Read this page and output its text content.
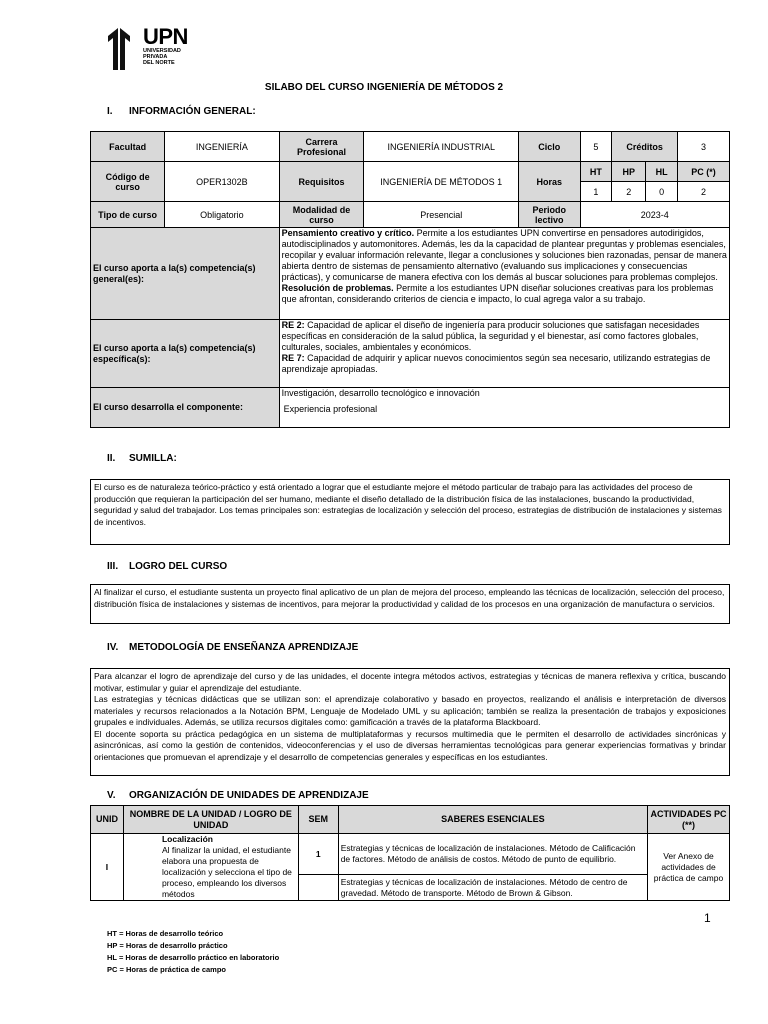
UPN
UNIVERSIDAD
PRIVADA
DEL NORTE
SILABO DEL CURSO INGENIERÍA DE MÉTODOS 2
I. INFORMACIÓN GENERAL:
Facultad	INGENIERÍA	Carrera Profesional	INGENIERÍA INDUSTRIAL	Ciclo	5	Créditos		3
Código de curso	OPER1302B	Requisitos	INGENIERÍA DE MÉTODOS 1	Horas	HT	HP	HL	PC (*)
					1	2	0	2
Tipo de curso	Obligatorio	Modalidad de curso	Presencial	Periodo lectivo	2023-4			
El curso aporta a la(s) competencia(s) general(es):		Pensamiento creativo y crítico. Permite a los estudiantes UPN convertirse en pensadores autodirigidos, autodisciplinados y automonitores. Además, les da la capacidad de plantear preguntas y problemas esenciales, recopilar y evaluar información relevante, llegar a conclusiones y soluciones bien razonadas, pensar de manera abierta dentro de sistemas de pensamiento alternativo (evaluando sus implicaciones y consecuencias prácticas), y comunicarse de manera efectiva con los demás al buscar soluciones para problemas complejos.
Resolución de problemas. Permite a los estudiantes UPN diseñar soluciones creativas para los problemas que afrontan, considerando criterios de ciencia e impacto, lo cual agrega valor a su trabajo.						
El curso aporta a la(s) competencia(s) específica(s):		RE 2: Capacidad de aplicar el diseño de ingeniería para producir soluciones que satisfagan necesidades específicas en consideración de la salud pública, la seguridad y el bienestar, así como factores globales, culturales, sociales, ambientales y económicos.
RE 7: Capacidad de adquirir y aplicar nuevos conocimientos según sea necesario, utilizando estrategias de aprendizaje apropiadas.						
El curso desarrolla el componente:		Investigación, desarrollo tecnológico e innovación
Experiencia profesional						
II. SUMILLA:
El curso es de naturaleza teórico-práctico y está orientado a lograr que el estudiante mejore el método particular de trabajo para las actividades del proceso de producción que requieran la participación del ser humano, mediante el diseño detallado de la distribución física de las instalaciones, buscando la productividad, seguridad y salud del trabajador. Los temas principales son: estrategias de localización y selección del proceso, estrategias de distribución de instalaciones y sistemas de incentivos.
III. LOGRO DEL CURSO
Al finalizar el curso, el estudiante sustenta un proyecto final aplicativo de un plan de mejora del proceso, empleando las técnicas de localización, selección del proceso, distribución física de instalaciones y sistemas de incentivos, para mejorar la productividad y calidad de los procesos en una organización de manufactura o servicios.
IV. METODOLOGÍA DE ENSEÑANZA APRENDIZAJE
Para alcanzar el logro de aprendizaje del curso y de las unidades, el docente integra métodos activos, estrategias y técnicas de manera reflexiva y crítica, buscando motivar, estimular y guiar el aprendizaje del estudiante.
Las estrategias y técnicas didácticas que se utilizan son: el aprendizaje colaborativo y basado en proyectos, realizando el análisis e interpretación de diversos materiales y recursos relacionados a la Notación BPM, Lenguaje de Modelado UML y su aplicación; también se realiza la presentación de trabajos y exposiciones grupales e individuales. Además, se utiliza recursos digitales como: gamificación a través de la plataforma Blackboard.
El docente soporta su práctica pedagógica en un sistema de multiplataformas y recursos multimedia que le permiten el desarrollo de actividades sincrónicas y asincrónicas, así como la gestión de contenidos, videoconferencias y el uso de diversas herramientas tecnológicas para generar experiencias formativas y brindar orientaciones que promuevan el aprendizaje y el desarrollo de competencias generales y específicas en los estudiantes.
V. ORGANIZACIÓN DE UNIDADES DE APRENDIZAJE
UNID	NOMBRE DE LA UNIDAD / LOGRO DE UNIDAD	SEM	SABERES ESENCIALES	ACTIVIDADES PC (**)
I	Localización
Al finalizar la unidad, el estudiante elabora una propuesta de localización y selecciona el tipo de proceso, empleando los diversos métodos	1	Estrategias y técnicas de localización de instalaciones. Método de Calificación de factores. Método de análisis de costos. Método de punto de equilibrio.	Ver Anexo de actividades de práctica de campo
			Estrategias y técnicas de localización de instalaciones. Método de centro de gravedad. Método de transporte. Método de Brown & Gibson.	
1
HT = Horas de desarrollo teórico
HP = Horas de desarrollo práctico
HL = Horas de desarrollo práctico en laboratorio
PC = Horas de práctica de campo
